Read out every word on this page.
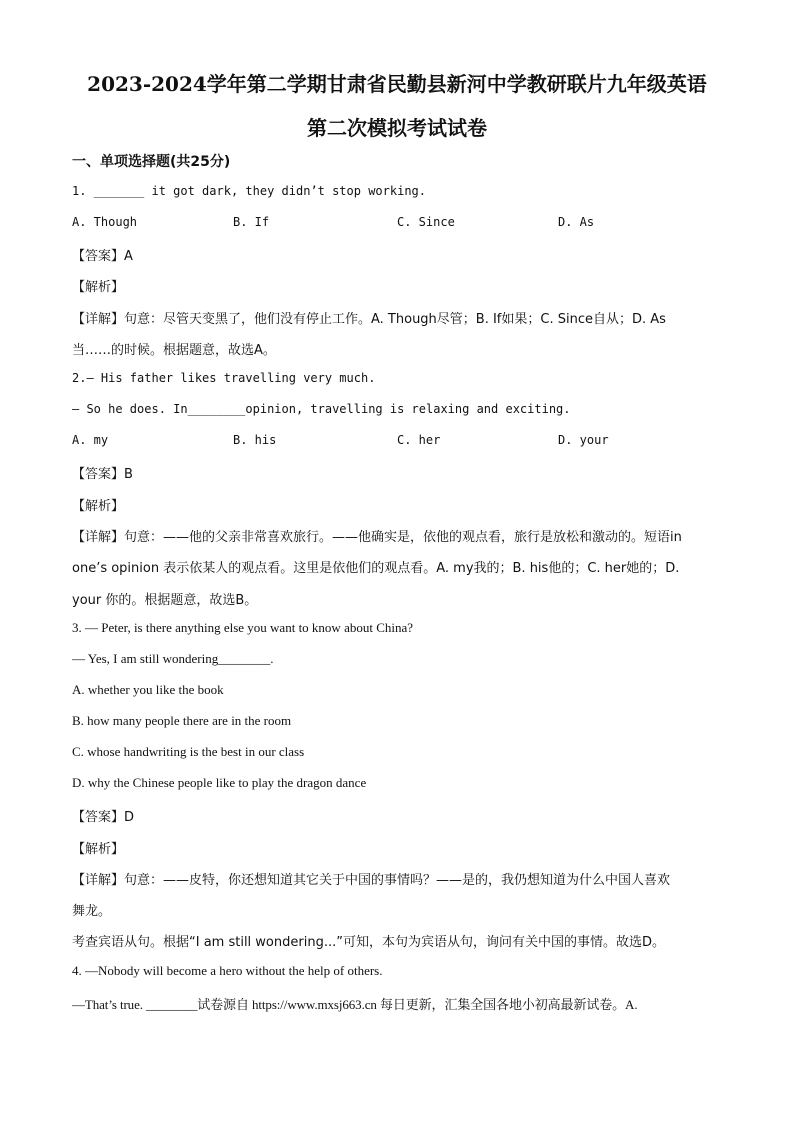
2023-2024学年第二学期甘肃省民勤县新河中学教研联片九年级英语
第二次模拟考试试卷
一、单项选择题(共25分)
1. _______ it got dark, they didn’t stop working.
A. Though	B. If	C. Since	D. As
【答案】A
【解析】
【详解】句意：尽管天变黑了，他们没有停止工作。A. Though尽管；B. If如果；C. Since自从；D. As
当……的时候。根据题意，故选A。
2.— His father likes travelling very much.
— So he does. In________opinion, travelling is relaxing and exciting.
A. my	B. his	C. her	D. your
【答案】B
【解析】
【详解】句意：——他的父亲非常喜欢旅行。——他确实是，依他的观点看，旅行是放松和激动的。短语in
one’s opinion 表示依某人的观点看。这里是依他们的观点看。A. my我的；B. his他的；C. her她的；D.
your 你的。根据题意，故选B。
3. — Peter, is there anything else you want to know about China?
— Yes, I am still wondering________.
A. whether you like the book
B. how many people there are in the room
C. whose handwriting is the best in our class
D. why the Chinese people like to play the dragon dance
【答案】D
【解析】
【详解】句意：——皮特，你还想知道其它关于中国的事情吗？——是的，我仍想知道为什么中国人喜欢
舞龙。
考查宾语从句。根据“I am still wondering...”可知，本句为宾语从句，询问有关中国的事情。故选D。
4. —Nobody will become a hero without the help of others.
—That’s true. ________试卷源自 https://www.mxsj663.cn 每日更新，汇集全国各地小初高最新试卷。A.
